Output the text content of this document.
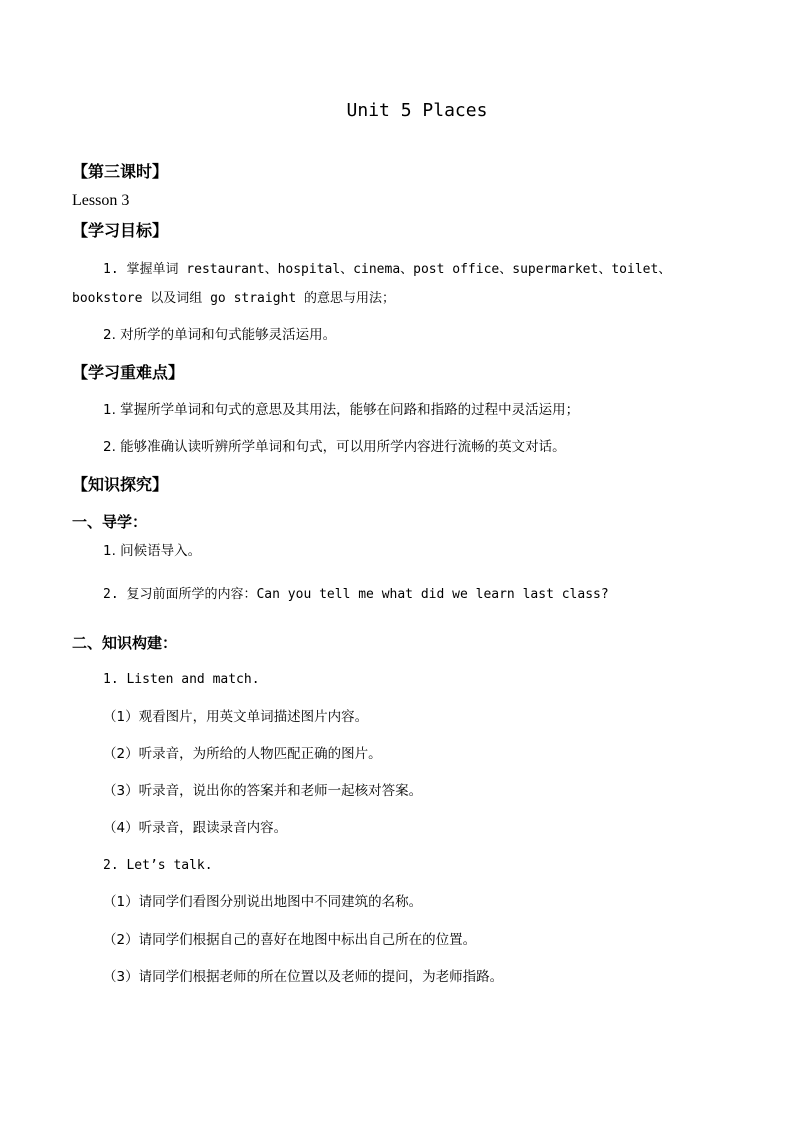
Unit 5 Places
【第三课时】
Lesson 3
【学习目标】
1. 掌握单词 restaurant、hospital、cinema、post office、supermarket、toilet、
bookstore 以及词组 go straight 的意思与用法；
2. 对所学的单词和句式能够灵活运用。
【学习重难点】
1. 掌握所学单词和句式的意思及其用法，能够在问路和指路的过程中灵活运用；
2. 能够准确认读听辨所学单词和句式，可以用所学内容进行流畅的英文对话。
【知识探究】
一、导学：
1. 问候语导入。
2. 复习前面所学的内容：Can you tell me what did we learn last class?
二、知识构建：
1. Listen and match.
（1）观看图片，用英文单词描述图片内容。
（2）听录音，为所给的人物匹配正确的图片。
（3）听录音，说出你的答案并和老师一起核对答案。
（4）听录音，跟读录音内容。
2. Let’s talk.
（1）请同学们看图分别说出地图中不同建筑的名称。
（2）请同学们根据自己的喜好在地图中标出自己所在的位置。
（3）请同学们根据老师的所在位置以及老师的提问，为老师指路。
